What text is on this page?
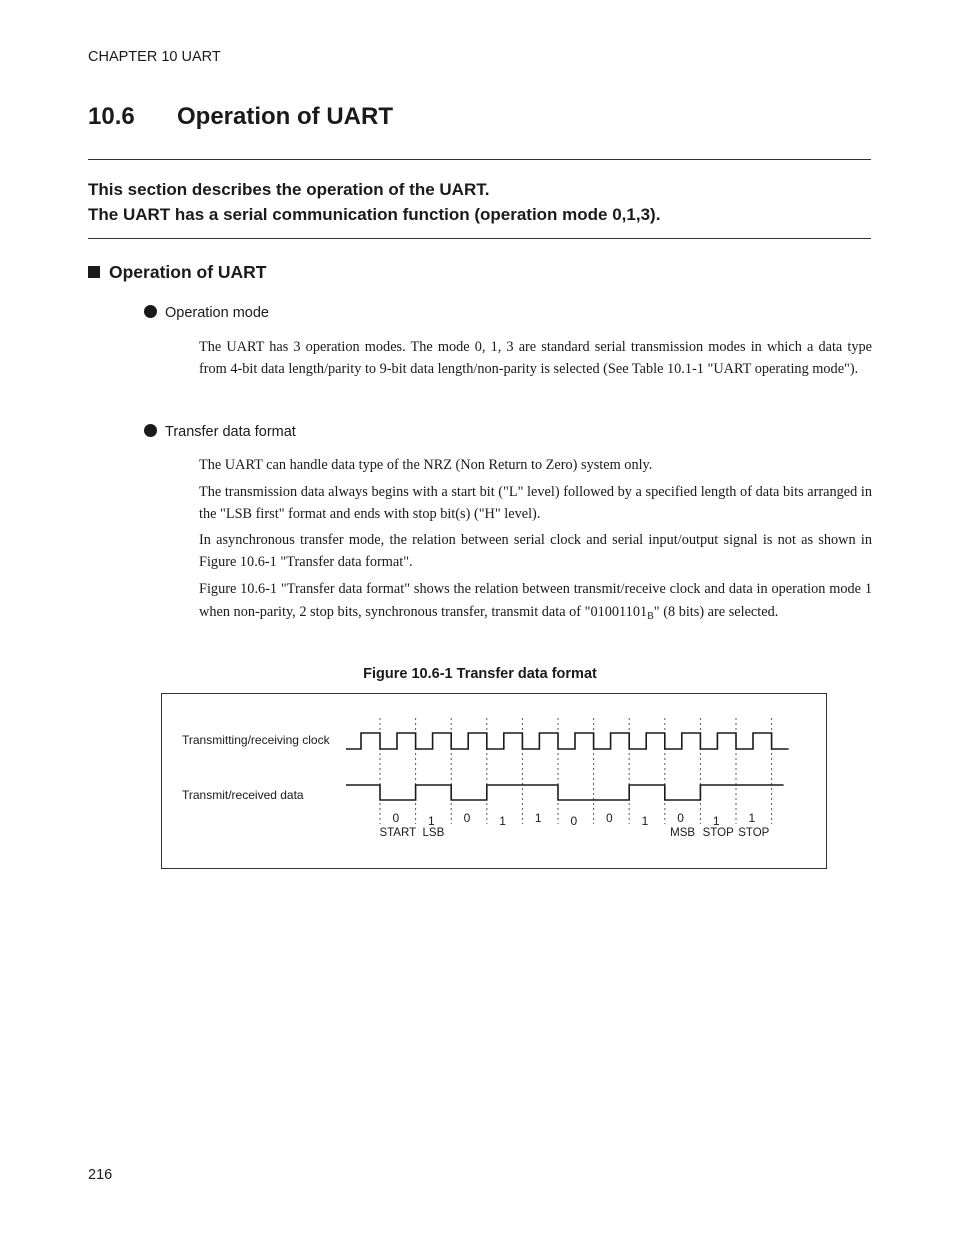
CHAPTER 10 UART
10.6 Operation of UART
This section describes the operation of the UART.
The UART has a serial communication function (operation mode 0,1,3).
Operation of UART
Operation mode

The UART has 3 operation modes. The mode 0, 1, 3 are standard serial transmission modes in which a data type from 4-bit data length/parity to 9-bit data length/non-parity is selected (See Table 10.1-1 "UART operating mode").

Transfer data format

The UART can handle data type of the NRZ (Non Return to Zero) system only.

The transmission data always begins with a start bit ("L" level) followed by a specified length of data bits arranged in the "LSB first" format and ends with stop bit(s) ("H" level).

In asynchronous transfer mode, the relation between serial clock and serial input/output signal is not as shown in Figure 10.6-1 "Transfer data format".

Figure 10.6-1 "Transfer data format" shows the relation between transmit/receive clock and data in operation mode 1 when non-parity, 2 stop bits, synchronous transfer, transmit data of "$01001101_B$" (8 bits) are selected.

Figure 10.6-1 Transfer data format
Transmitting/receiving clock
Transmit/received data
0
START
1
LSB
0 1 1 0 0 1 0
MSB
1
STOP
1
STOP
216
